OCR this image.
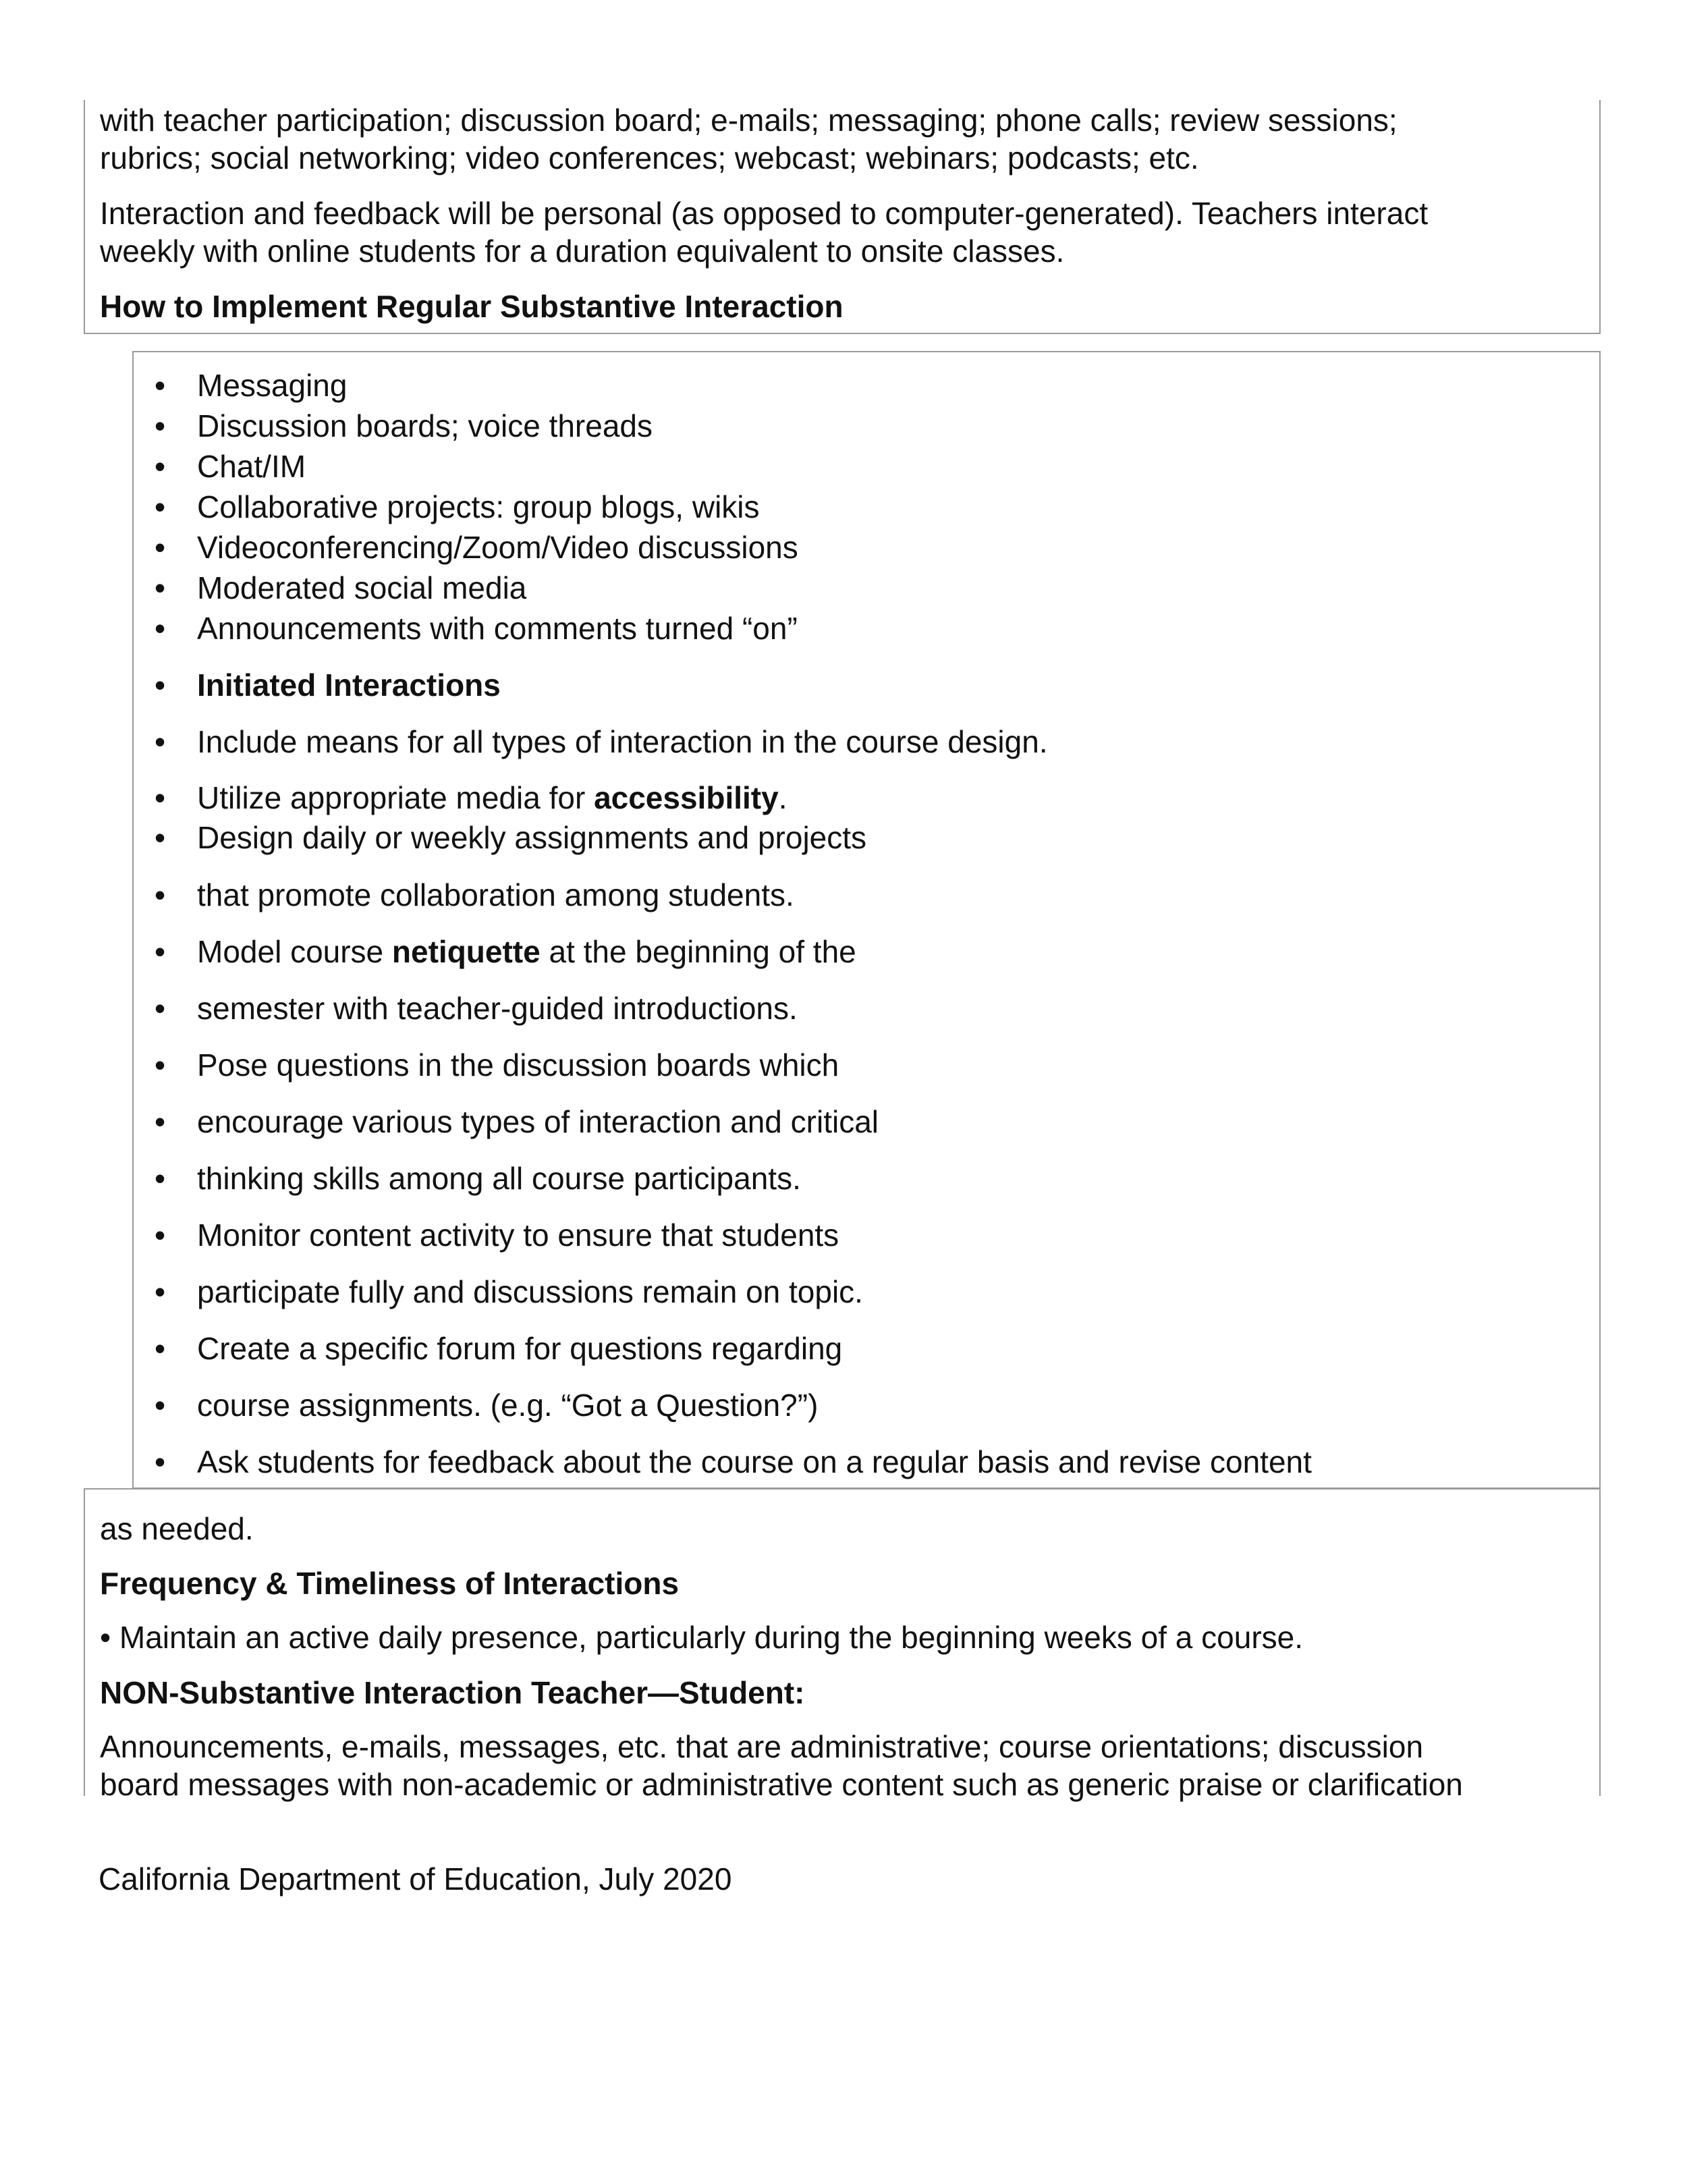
with teacher participation; discussion board; e-mails; messaging; phone calls; review sessions;
rubrics; social networking; video conferences; webcast; webinars; podcasts; etc.
Interaction and feedback will be personal (as opposed to computer-generated). Teachers interact
weekly with online students for a duration equivalent to onsite classes.
How to Implement Regular Substantive Interaction
• Messaging
• Discussion boards; voice threads
• Chat/IM
• Collaborative projects: group blogs, wikis
• Videoconferencing/Zoom/Video discussions
• Moderated social media
• Announcements with comments turned “on”
• Initiated Interactions
• Include means for all types of interaction in the course design.
• Utilize appropriate media for accessibility.
• Design daily or weekly assignments and projects
• that promote collaboration among students.
• Model course netiquette at the beginning of the
• semester with teacher-guided introductions.
• Pose questions in the discussion boards which
• encourage various types of interaction and critical
• thinking skills among all course participants.
• Monitor content activity to ensure that students
• participate fully and discussions remain on topic.
• Create a specific forum for questions regarding
• course assignments. (e.g. “Got a Question?”)
• Ask students for feedback about the course on a regular basis and revise content
as needed.
Frequency & Timeliness of Interactions
• Maintain an active daily presence, particularly during the beginning weeks of a course.
NON-Substantive Interaction Teacher—Student:
Announcements, e-mails, messages, etc. that are administrative; course orientations; discussion
board messages with non-academic or administrative content such as generic praise or clarification
California Department of Education, July 2020
